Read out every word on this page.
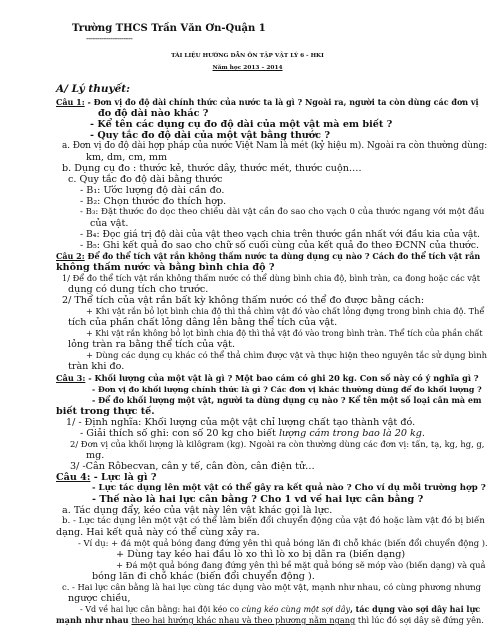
Trường THCS Trần Văn Ơn-Quận 1
---------------------
TÀI LIỆU HƯỚNG DẪN ÔN TẬP VẬT LÝ 6 - HKI
Năm học 2013 – 2014
A/ Lý thuyết:
Câu 1: - Đơn vị đo độ dài chính thức của nước ta là gì ? Ngoài ra, người ta còn dùng các đơn vị
đo độ dài nào khác ?
- Kể tên các dụng cụ đo độ dài của một vật mà em biết ?
- Quy tắc đo độ dài của một vật bằng thước ?
a. Đơn vị đo độ dài hợp pháp của nước Việt Nam là mét (kỷ hiệu m). Ngoài ra còn thường dùng:
km, dm, cm, mm
b. Dụng cụ đo : thước kẻ, thước dây, thước mét, thước cuộn….
c. Quy tắc đo độ dài bằng thước
- B₁: Ước lượng độ dài cần đo.
- B₂: Chọn thước đo thích hợp.
- B₃: Đặt thước đo dọc theo chiều dài vật cần đo sao cho vạch 0 của thước ngang với một đầu
của vật.
- B₄: Đọc giá trị độ dài của vật theo vạch chia trên thước gần nhất với đầu kia của vật.
- B₅: Ghi kết quả đo sao cho chữ số cuối cùng của kết quả đo theo ĐCNN của thước.
Câu 2: Để đo thể tích vật rắn không thấm nước ta dùng dụng cụ nào ? Cách đo thể tích vật rắn
không thấm nước và bằng bình chia độ ?
1/ Để đo thể tích vật rắn không thấm nước có thể dùng bình chia độ, bình tràn, ca đong hoặc các vật
dụng có dung tích cho trước.
2/ Thể tích của vật rắn bất kỳ không thấm nước có thể đo được bằng cách:
+ Khi vật rắn bỏ lọt bình chia độ thì thả chìm vật đó vào chất lỏng đựng trong bình chia độ. Thể
tích của phần chất lỏng dâng lên bằng thể tích của vật.
+ Khi vật rắn không bỏ lọt bình chia độ thì thả vật đó vào trong bình tràn. Thể tích của phần chất
lỏng tràn ra bằng thể tích của vật.
+ Dùng các dụng cụ khác có thể thả chìm được vật và thực hiện theo nguyên tắc sử dụng bình
tràn khi đo.
Câu 3: - Khối lượng của một vật là gì ? Một bao cám có ghi 20 kg. Con số này có ý nghĩa gì ?
- Đơn vị đo khối lượng chính thức là gì ? Các đơn vị khác thường dùng để đo khối lượng ?
- Để đo khối lượng một vật, người ta dùng dụng cụ nào ? Kể tên một số loại cân mà em
biết trong thực tế.
1/ - Định nghĩa: Khối lượng của một vật chỉ lượng chất tạo thành vật đó.
- Giải thích số ghi: con số 20 kg cho biết lượng cám trong bao là 20 kg.
2/ Đơn vị của khối lượng là kilôgram (kg). Ngoài ra còn thường dùng các đơn vị: tấn, tạ, kg, hg, g,
mg.
3/ -Cân Rôbecvan, cân y tế, cân đòn, cân điện tử…
Câu 4: - Lực là gì ?
- Lực tác dụng lên một vật có thể gây ra kết quả nào ? Cho ví dụ mỗi trường hợp ?
- Thế nào là hai lực cân bằng ? Cho 1 vd về hai lực cân bằng ?
a. Tác dụng đẩy, kéo của vật này lên vật khác gọi là lực.
b. - Lực tác dụng lên một vật có thể làm biến đổi chuyển động của vật đó hoặc làm vật đó bị biến
dạng. Hai kết quả này có thể cùng xảy ra.
- Ví dụ: + đá một quả bóng đang đứng yên thì quả bóng lăn đi chỗ khác (biến đổi chuyển động ).
+ Dùng tay kéo hai đầu lò xo thì lò xo bị dãn ra (biến dạng)
+ Đá một quả bóng đang đứng yên thì bề mặt quả bóng sẽ móp vào (biến dạng) và quả
bóng lăn đi chỗ khác (biến đổi chuyển động ).
c. - Hai lực cân bằng là hai lực cùng tác dụng vào một vật, mạnh như nhau, có cùng phương nhưng
ngược chiều,
- Vd về hai lực cân bằng: hai đội kéo co cùng kéo cùng một sợi dây, tác dụng vào sợi dây hai lực
mạnh như nhau theo hai hướng khác nhau và theo phương nằm ngang thì lúc đó sợi dây sẽ đứng yên.
